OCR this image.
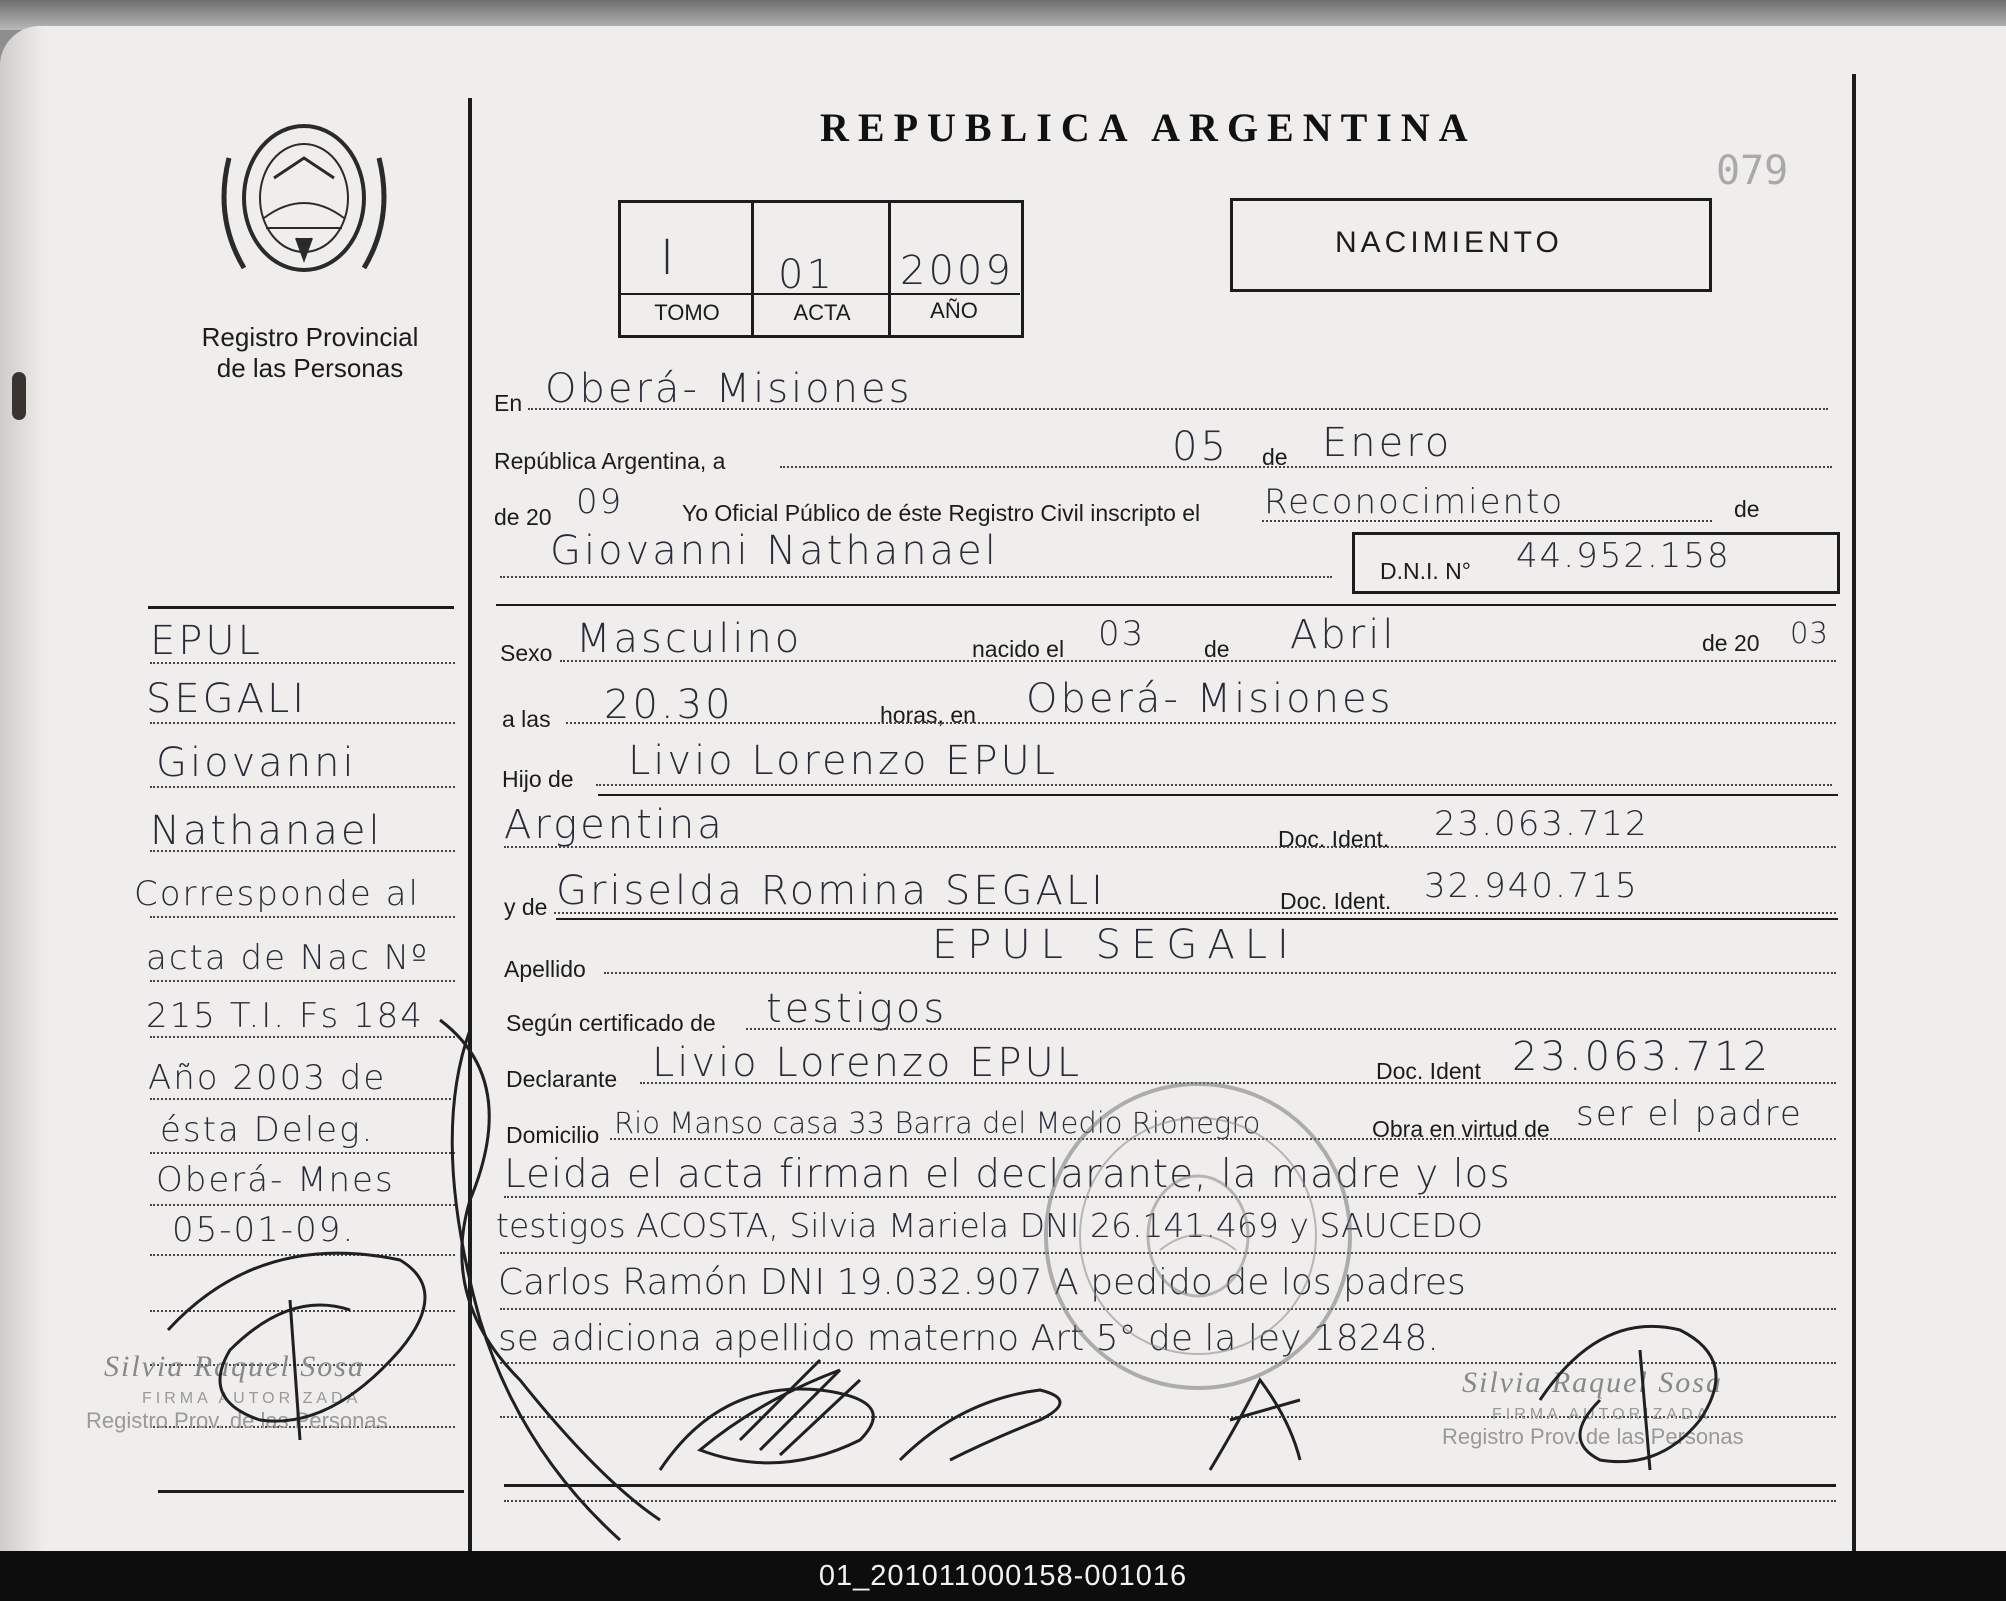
Registro Provincial
de las Personas
EPUL
SEGALI
Giovanni
Nathanael
Corresponde al
acta de Nac Nº
215 T.I. Fs 184
Año 2003 de
ésta Deleg.
Oberá- Mnes
05-01-09.
Silvia Raquel Sosa
FIRMA AUTORIZADA
Registro Prov. de las Personas
REPUBLICA ARGENTINA
079
I	01 2009
TOMO	ACTA	AÑO
NACIMIENTO
En Oberá- Misiones
República Argentina, a	05 de Enero
de 20 09	Yo Oficial Público de éste Registro Civil inscripto el Reconocimiento	de
Giovanni Nathanael	D.N.I. N° 44.952.158
Sexo Masculino	nacido el 03	de Abril	de 20 03
a las 20.30	horas, en Oberá- Misiones
Hijo de Livio Lorenzo EPUL
Argentina	Doc. Ident. 23.063.712
y de Griselda Romina SEGALI	Doc. Ident. 32.940.715
Apellido
EPUL SEGALI
Según certificado de testigos
Declarante Livio Lorenzo EPUL	Doc. Ident 23.063.712
Domicilio Rio Manso casa 33 Barra del Medio Rionegro	Obra en virtud de ser el padre
Leida el acta firman el declarante, la madre y los
testigos ACOSTA, Silvia Mariela DNI 26.141.469 y SAUCEDO
Carlos Ramón DNI 19.032.907 A pedido de los padres
se adiciona apellido materno Art 5° de la ley 18248.
Silvia Raquel Sosa
FIRMA AUTORIZADA
Registro Prov. de las Personas
01_201011000158-001016
